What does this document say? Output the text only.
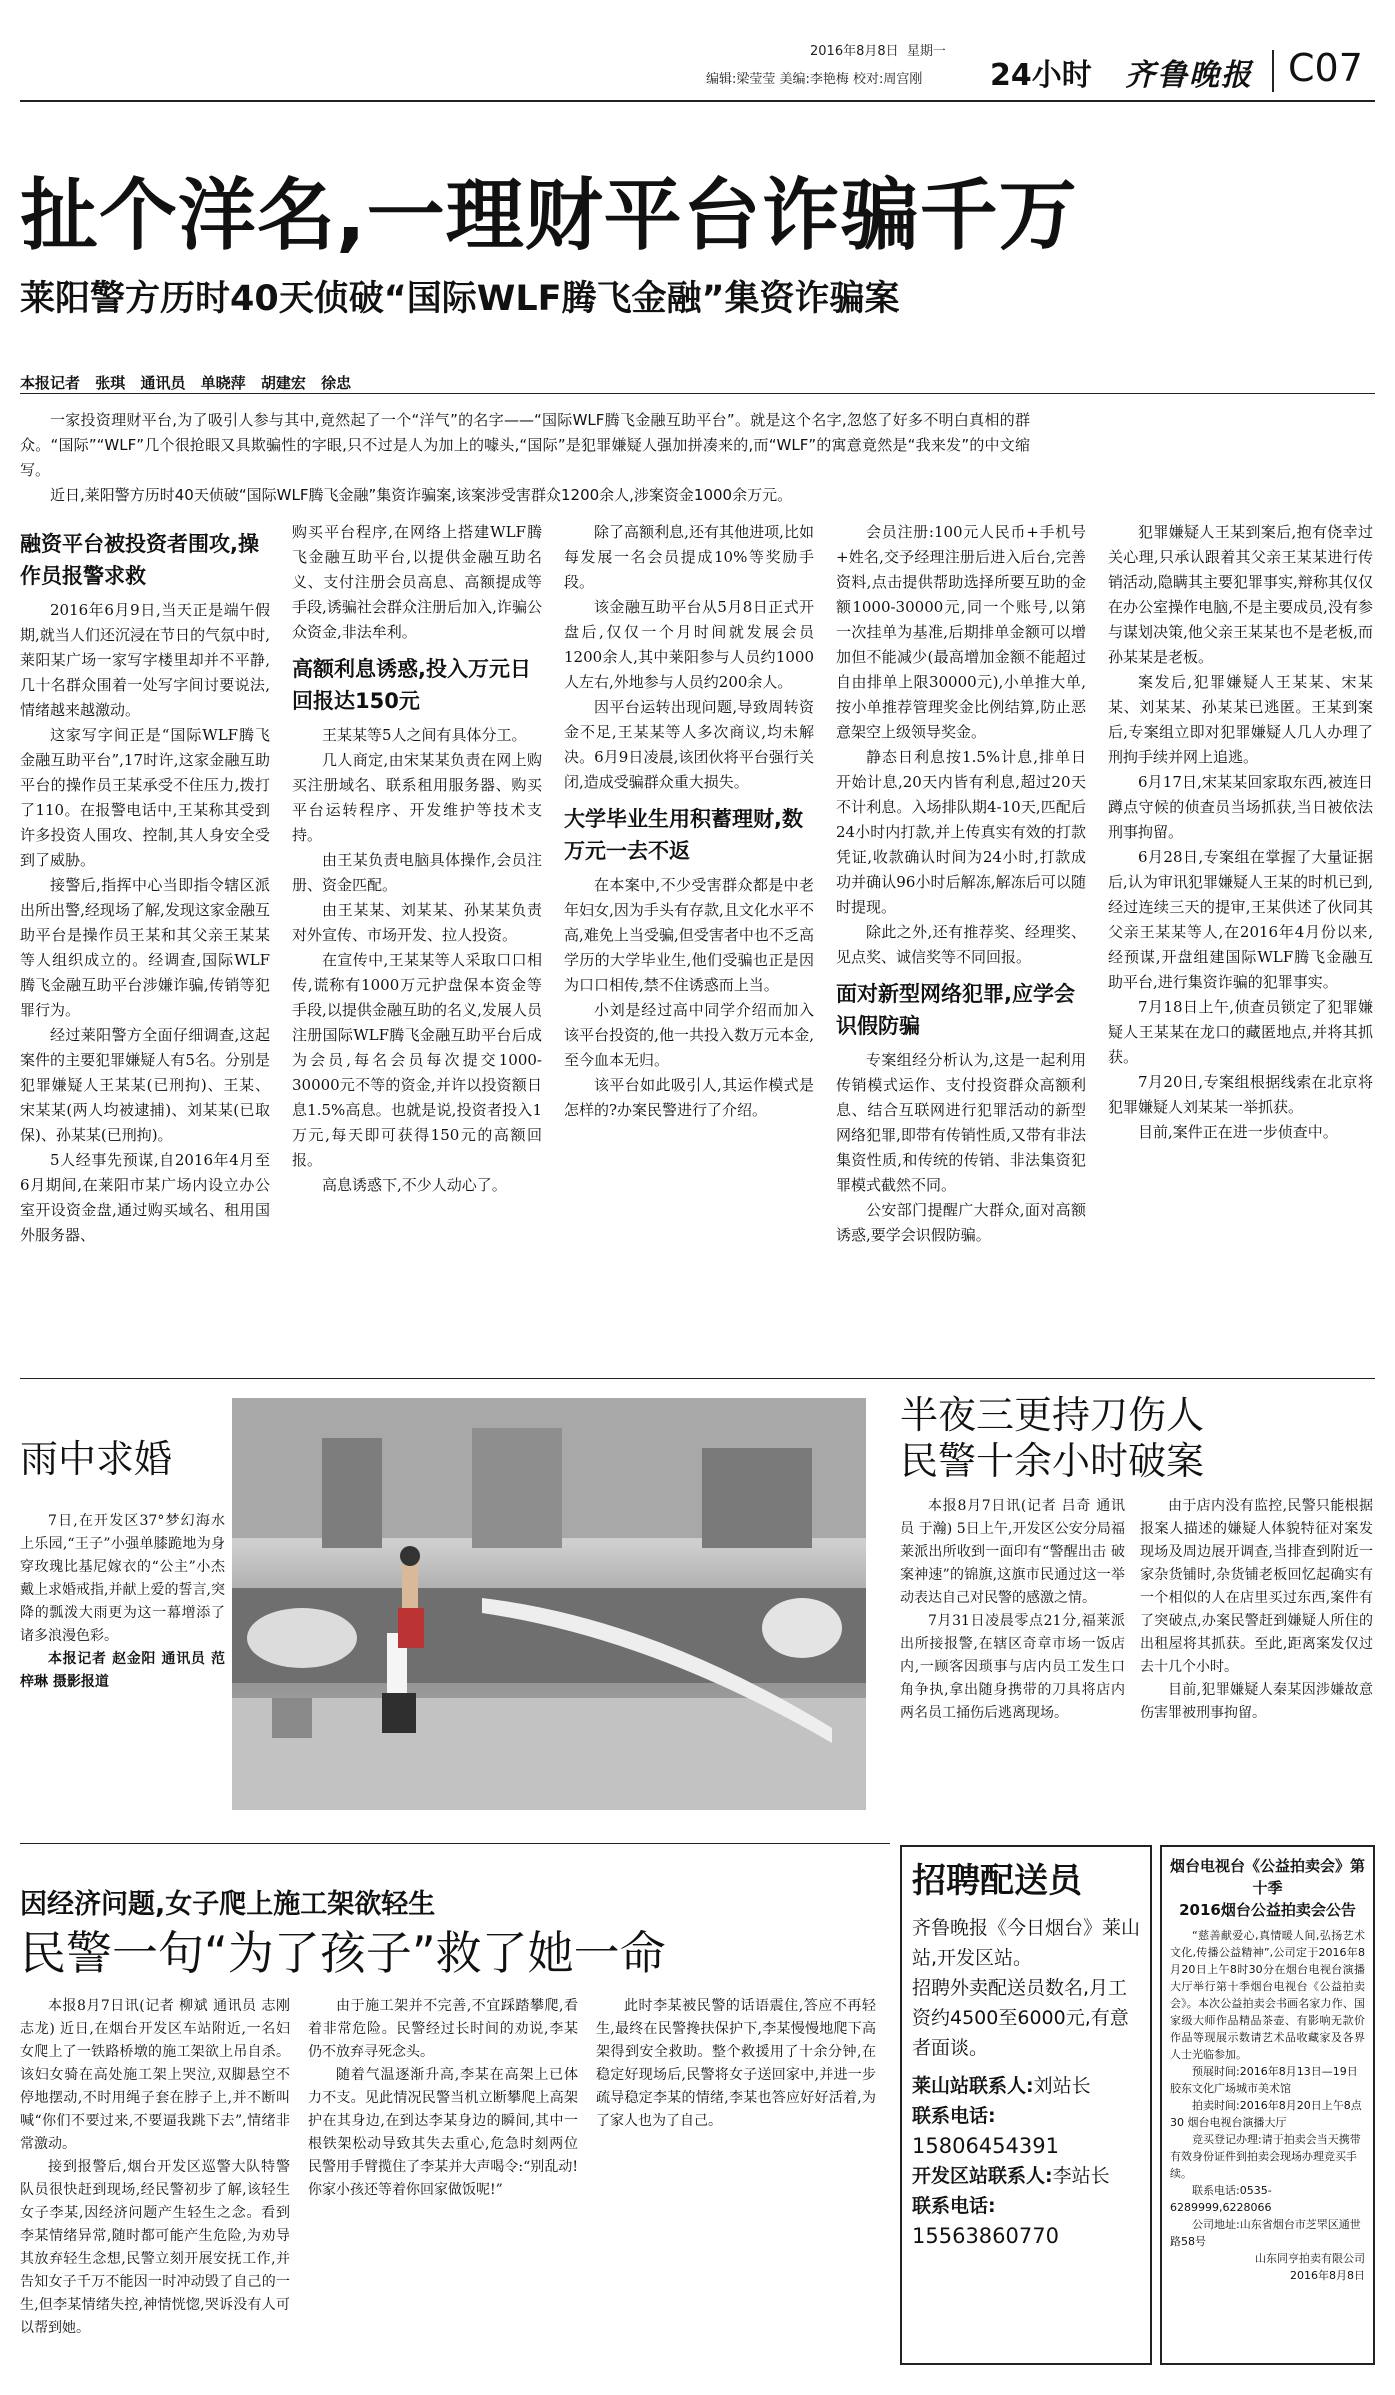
2016年8月8日 星期一
编辑:梁莹莹 美编:李艳梅 校对:周宫刚 24小时 齐鲁晚报 C07
扯个洋名,一理财平台诈骗千万
莱阳警方历时40天侦破“国际WLF腾飞金融”集资诈骗案
本报记者 张琪 通讯员 单晓萍 胡建宏 徐忠

一家投资理财平台,为了吸引人参与其中,竟然起了一个“洋气”的名字——“国际WLF腾飞金融互助平台”。就是这个名字,忽悠了好多不明白真相的群众。“国际”“WLF”几个很抢眼又具欺骗性的字眼,只不过是人为加上的噱头,“国际”是犯罪嫌疑人强加拼凑来的,而“WLF”的寓意竟然是“我来发”的中文缩写。

近日,莱阳警方历时40天侦破“国际WLF腾飞金融”集资诈骗案,该案涉受害群众1200余人,涉案资金1000余万元。

融资平台被投资者围攻,操作员报警求救

2016年6月9日,当天正是端午假期,就当人们还沉浸在节日的气氛中时,莱阳某广场一家写字楼里却并不平静,几十名群众围着一处写字间讨要说法,情绪越来越激动。

这家写字间正是“国际WLF腾飞金融互助平台”,17时许,这家金融互助平台的操作员王某承受不住压力,拨打了110。在报警电话中,王某称其受到许多投资人围攻、控制,其人身安全受到了威胁。

接警后,指挥中心当即指令辖区派出所出警,经现场了解,发现这家金融互助平台是操作员王某和其父亲王某某等人组织成立的。经调查,国际WLF腾飞金融互助平台涉嫌诈骗,传销等犯罪行为。

经过莱阳警方全面仔细调查,这起案件的主要犯罪嫌疑人有5名。分别是犯罪嫌疑人王某某(已刑拘)、王某、宋某某(两人均被逮捕)、刘某某(已取保)、孙某某(已刑拘)。

5人经事先预谋,自2016年4月至6月期间,在莱阳市某广场内设立办公室开设资金盘,通过购买域名、租用国外服务器、

购买平台程序,在网络上搭建WLF腾飞金融互助平台,以提供金融互助名义、支付注册会员高息、高额提成等手段,诱骗社会群众注册后加入,诈骗公众资金,非法牟利。

高额利息诱惑,投入万元日回报达150元

王某某等5人之间有具体分工。

几人商定,由宋某某负责在网上购买注册域名、联系租用服务器、购买平台运转程序、开发维护等技术支持。

由王某负责电脑具体操作,会员注册、资金匹配。

由王某某、刘某某、孙某某负责对外宣传、市场开发、拉人投资。

在宣传中,王某某等人采取口口相传,谎称有1000万元护盘保本资金等手段,以提供金融互助的名义,发展人员注册国际WLF腾飞金融互助平台后成为会员,每名会员每次提交1000-30000元不等的资金,并许以投资额日息1.5%高息。也就是说,投资者投入1万元,每天即可获得150元的高额回报。

高息诱惑下,不少人动心了。

除了高额利息,还有其他进项,比如每发展一名会员提成10%等奖励手段。

该金融互助平台从5月8日正式开盘后,仅仅一个月时间就发展会员1200余人,其中莱阳参与人员约1000人左右,外地参与人员约200余人。

因平台运转出现问题,导致周转资金不足,王某某等人多次商议,均未解决。6月9日凌晨,该团伙将平台强行关闭,造成受骗群众重大损失。

大学毕业生用积蓄理财,数万元一去不返

在本案中,不少受害群众都是中老年妇女,因为手头有存款,且文化水平不高,难免上当受骗,但受害者中也不乏高学历的大学毕业生,他们受骗也正是因为口口相传,禁不住诱惑而上当。

小刘是经过高中同学介绍而加入该平台投资的,他一共投入数万元本金,至今血本无归。

该平台如此吸引人,其运作模式是怎样的?办案民警进行了介绍。

会员注册:100元人民币+手机号+姓名,交予经理注册后进入后台,完善资料,点击提供帮助选择所要互助的金额1000-30000元,同一个账号,以第一次挂单为基准,后期排单金额可以增加但不能减少(最高增加金额不能超过自由排单上限30000元),小单推大单,按小单推荐管理奖金比例结算,防止恶意架空上级领导奖金。

静态日利息按1.5%计息,排单日开始计息,20天内皆有利息,超过20天不计利息。入场排队期4-10天,匹配后24小时内打款,并上传真实有效的打款凭证,收款确认时间为24小时,打款成功并确认96小时后解冻,解冻后可以随时提现。

除此之外,还有推荐奖、经理奖、见点奖、诚信奖等不同回报。

面对新型网络犯罪,应学会识假防骗

专案组经分析认为,这是一起利用传销模式运作、支付投资群众高额利息、结合互联网进行犯罪活动的新型网络犯罪,即带有传销性质,又带有非法集资性质,和传统的传销、非法集资犯罪模式截然不同。

公安部门提醒广大群众,面对高额诱惑,要学会识假防骗。

犯罪嫌疑人王某到案后,抱有侥幸过关心理,只承认跟着其父亲王某某进行传销活动,隐瞒其主要犯罪事实,辩称其仅仅在办公室操作电脑,不是主要成员,没有参与谋划决策,他父亲王某某也不是老板,而孙某某是老板。

案发后,犯罪嫌疑人王某某、宋某某、刘某某、孙某某已逃匿。王某到案后,专案组立即对犯罪嫌疑人几人办理了刑拘手续并网上追逃。

6月17日,宋某某回家取东西,被连日蹲点守候的侦查员当场抓获,当日被依法刑事拘留。

6月28日,专案组在掌握了大量证据后,认为审讯犯罪嫌疑人王某的时机已到,经过连续三天的提审,王某供述了伙同其父亲王某某等人,在2016年4月份以来,经预谋,开盘组建国际WLF腾飞金融互助平台,进行集资诈骗的犯罪事实。

7月18日上午,侦查员锁定了犯罪嫌疑人王某某在龙口的藏匿地点,并将其抓获。

7月20日,专案组根据线索在北京将犯罪嫌疑人刘某某一举抓获。

目前,案件正在进一步侦查中。

雨中求婚

7日,在开发区37°梦幻海水上乐园,“王子”小强单膝跪地为身穿玫瑰比基尼嫁衣的“公主”小杰戴上求婚戒指,并献上爱的誓言,突降的瓢泼大雨更为这一幕增添了诸多浪漫色彩。

本报记者 赵金阳 通讯员 范梓琳 摄影报道

半夜三更持刀伤人
民警十余小时破案

本报8月7日讯(记者 吕奇 通讯员 于瀚) 5日上午,开发区公安分局福莱派出所收到一面印有“警醒出击 破案神速”的锦旗,这旗市民通过这一举动表达自己对民警的感激之情。

7月31日凌晨零点21分,福莱派出所接报警,在辖区奇章市场一饭店内,一顾客因琐事与店内员工发生口角争执,拿出随身携带的刀具将店内两名员工捅伤后逃离现场。

由于店内没有监控,民警只能根据报案人描述的嫌疑人体貌特征对案发现场及周边展开调查,当排查到附近一家杂货铺时,杂货铺老板回忆起确实有一个相似的人在店里买过东西,案件有了突破点,办案民警赶到嫌疑人所住的出租屋将其抓获。至此,距离案发仅过去十几个小时。

目前,犯罪嫌疑人秦某因涉嫌故意伤害罪被刑事拘留。

因经济问题,女子爬上施工架欲轻生
民警一句“为了孩子”救了她一命

本报8月7日讯(记者 柳斌 通讯员 志刚 志龙) 近日,在烟台开发区车站附近,一名妇女爬上了一铁路桥墩的施工架欲上吊自杀。该妇女骑在高处施工架上哭泣,双脚悬空不停地摆动,不时用绳子套在脖子上,并不断叫喊“你们不要过来,不要逼我跳下去”,情绪非常激动。

接到报警后,烟台开发区巡警大队特警队员很快赶到现场,经民警初步了解,该轻生女子李某,因经济问题产生轻生之念。看到李某情绪异常,随时都可能产生危险,为劝导其放弃轻生念想,民警立刻开展安抚工作,并告知女子千万不能因一时冲动毁了自己的一生,但李某情绪失控,神情恍惚,哭诉没有人可以帮到她。

由于施工架并不完善,不宜踩踏攀爬,看着非常危险。民警经过长时间的劝说,李某仍不放弃寻死念头。

随着气温逐渐升高,李某在高架上已体力不支。见此情况民警当机立断攀爬上高架护在其身边,在到达李某身边的瞬间,其中一根铁架松动导致其失去重心,危急时刻两位民警用手臂揽住了李某并大声喝令:“别乱动!你家小孩还等着你回家做饭呢!”

此时李某被民警的话语震住,答应不再轻生,最终在民警搀扶保护下,李某慢慢地爬下高架得到安全救助。整个救援用了十余分钟,在稳定好现场后,民警将女子送回家中,并进一步疏导稳定李某的情绪,李某也答应好好活着,为了家人也为了自己。

招聘配送员
齐鲁晚报《今日烟台》莱山站,开发区站。
招聘外卖配送员数名,月工资约4500至6000元,有意者面谈。
莱山站联系人:刘站长
联系电话:
15806454391
开发区站联系人:李站长
联系电话:
15563860770
烟台电视台《公益拍卖会》第十季
2016烟台公益拍卖会公告

“慈善献爱心,真情暖人间,弘扬艺术文化,传播公益精神”,公司定于2016年8月20日上午8时30分在烟台电视台演播大厅举行第十季烟台电视台《公益拍卖会》。本次公益拍卖会书画名家力作、国家级大师作品精品茶壶、有影响无款价作品等现展示数请艺术品收藏家及各界人士光临参加。

预展时间:2016年8月13日—19日 胶东文化广场城市美术馆

拍卖时间:2016年8月20日上午8点30 烟台电视台演播大厅

竞买登记办理:请于拍卖会当天携带有效身份证件到拍卖会现场办理竞买手续。

联系电话:0535-6289999,6228066

公司地址:山东省烟台市芝罘区通世路58号

山东同亨拍卖有限公司

2016年8月8日
